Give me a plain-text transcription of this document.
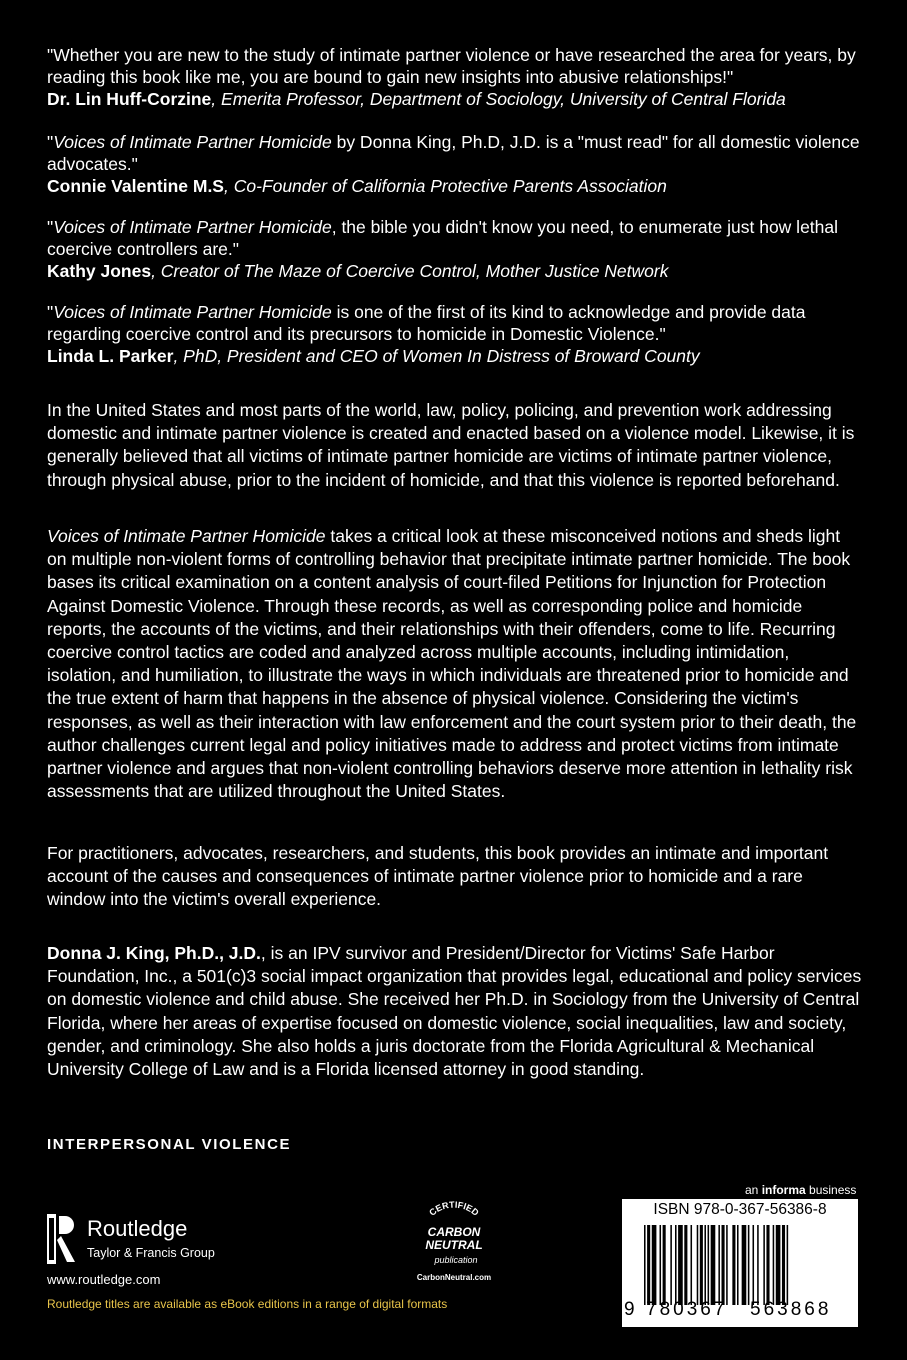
"Whether you are new to the study of intimate partner violence or have researched the area for years, by reading this book like me, you are bound to gain new insights into abusive relationships!"

Dr. Lin Huff-Corzine, Emerita Professor, Department of Sociology, University of Central Florida

"Voices of Intimate Partner Homicide by Donna King, Ph.D, J.D. is a "must read" for all domestic violence advocates."

Connie Valentine M.S, Co-Founder of California Protective Parents Association

"Voices of Intimate Partner Homicide, the bible you didn't know you need, to enumerate just how lethal coercive controllers are."

Kathy Jones, Creator of The Maze of Coercive Control, Mother Justice Network

"Voices of Intimate Partner Homicide is one of the first of its kind to acknowledge and provide data regarding coercive control and its precursors to homicide in Domestic Violence."

Linda L. Parker, PhD, President and CEO of Women In Distress of Broward County

In the United States and most parts of the world, law, policy, policing, and prevention work addressing domestic and intimate partner violence is created and enacted based on a violence model. Likewise, it is generally believed that all victims of intimate partner homicide are victims of intimate partner violence, through physical abuse, prior to the incident of homicide, and that this violence is reported beforehand.

Voices of Intimate Partner Homicide takes a critical look at these misconceived notions and sheds light on multiple non-violent forms of controlling behavior that precipitate intimate partner homicide. The book bases its critical examination on a content analysis of court-filed Petitions for Injunction for Protection Against Domestic Violence. Through these records, as well as corresponding police and homicide reports, the accounts of the victims, and their relationships with their offenders, come to life. Recurring coercive control tactics are coded and analyzed across multiple accounts, including intimidation, isolation, and humiliation, to illustrate the ways in which individuals are threatened prior to homicide and the true extent of harm that happens in the absence of physical violence. Considering the victim's responses, as well as their interaction with law enforcement and the court system prior to their death, the author challenges current legal and policy initiatives made to address and protect victims from intimate partner violence and argues that non-violent controlling behaviors deserve more attention in lethality risk assessments that are utilized throughout the United States.

For practitioners, advocates, researchers, and students, this book provides an intimate and important account of the causes and consequences of intimate partner violence prior to homicide and a rare window into the victim's overall experience.

Donna J. King, Ph.D., J.D., is an IPV survivor and President/Director for Victims' Safe Harbor Foundation, Inc., a 501(c)3 social impact organization that provides legal, educational and policy services on domestic violence and child abuse. She received her Ph.D. in Sociology from the University of Central Florida, where her areas of expertise focused on domestic violence, social inequalities, law and society, gender, and criminology. She also holds a juris doctorate from the Florida Agricultural & Mechanical University College of Law and is a Florida licensed attorney in good standing.

INTERPERSONAL VIOLENCE
Routledge
Taylor & Francis Group
www.routledge.com
Routledge titles are available as eBook editions in a range of digital formats
CERTIFIED
CARBON
NEUTRAL
publication
CarbonNeutral.com
an informa business
ISBN 978-0-367-56386-8
9 780367 563868
